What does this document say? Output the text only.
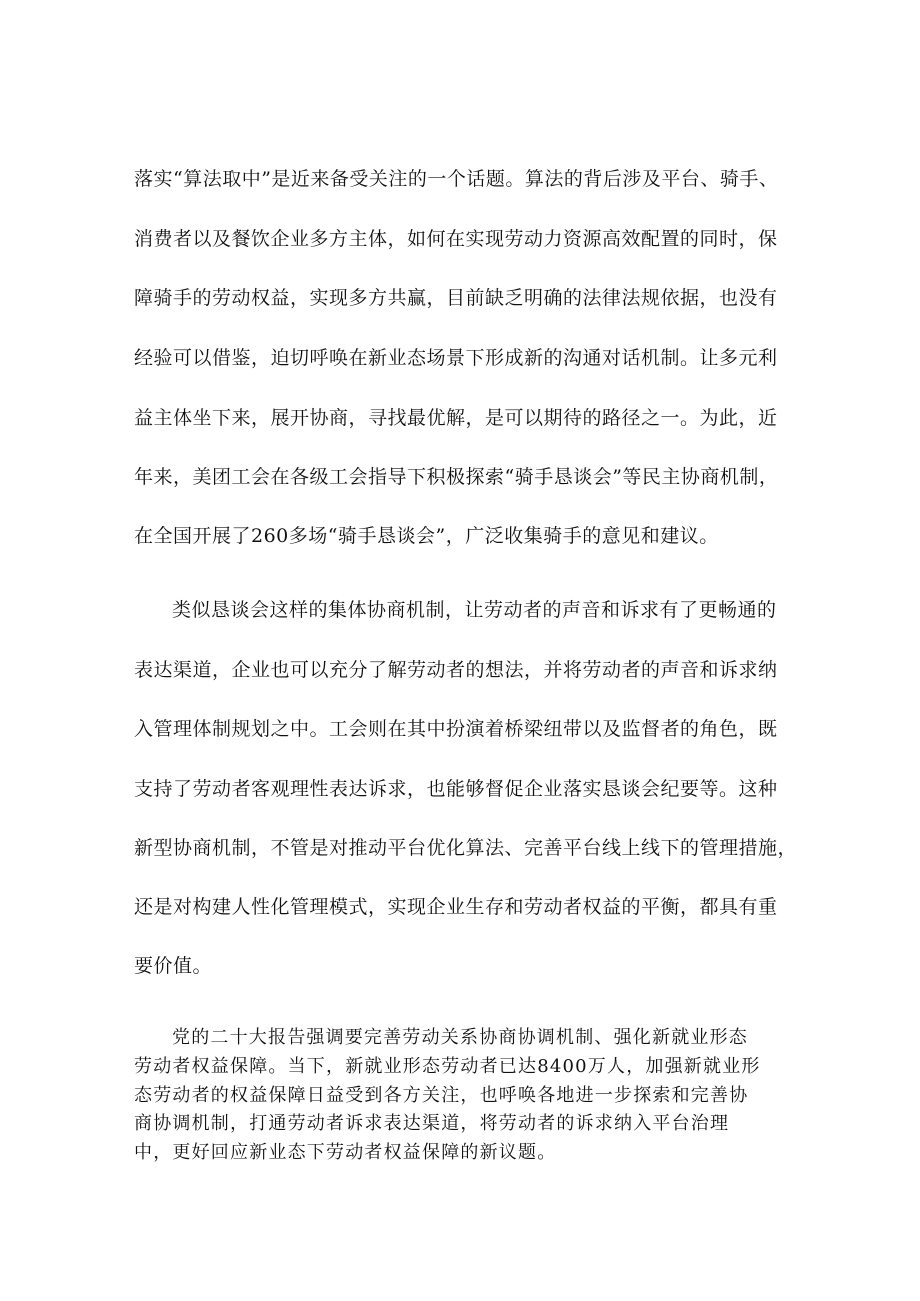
落实“算法取中”是近来备受关注的一个话题。算法的背后涉及平台、骑手、
消费者以及餐饮企业多方主体，如何在实现劳动力资源高效配置的同时，保
障骑手的劳动权益，实现多方共赢，目前缺乏明确的法律法规依据，也没有
经验可以借鉴，迫切呼唤在新业态场景下形成新的沟通对话机制。让多元利
益主体坐下来，展开协商，寻找最优解，是可以期待的路径之一。为此，近
年来，美团工会在各级工会指导下积极探索“骑手恳谈会”等民主协商机制，
在全国开展了260多场“骑手恳谈会”，广泛收集骑手的意见和建议。
类似恳谈会这样的集体协商机制，让劳动者的声音和诉求有了更畅通的
表达渠道，企业也可以充分了解劳动者的想法，并将劳动者的声音和诉求纳
入管理体制规划之中。工会则在其中扮演着桥梁纽带以及监督者的角色，既
支持了劳动者客观理性表达诉求，也能够督促企业落实恳谈会纪要等。这种
新型协商机制，不管是对推动平台优化算法、完善平台线上线下的管理措施，
还是对构建人性化管理模式，实现企业生存和劳动者权益的平衡，都具有重
要价值。
党的二十大报告强调要完善劳动关系协商协调机制、强化新就业形态
劳动者权益保障。当下，新就业形态劳动者已达8400万人，加强新就业形
态劳动者的权益保障日益受到各方关注，也呼唤各地进一步探索和完善协
商协调机制，打通劳动者诉求表达渠道，将劳动者的诉求纳入平台治理
中，更好回应新业态下劳动者权益保障的新议题。
